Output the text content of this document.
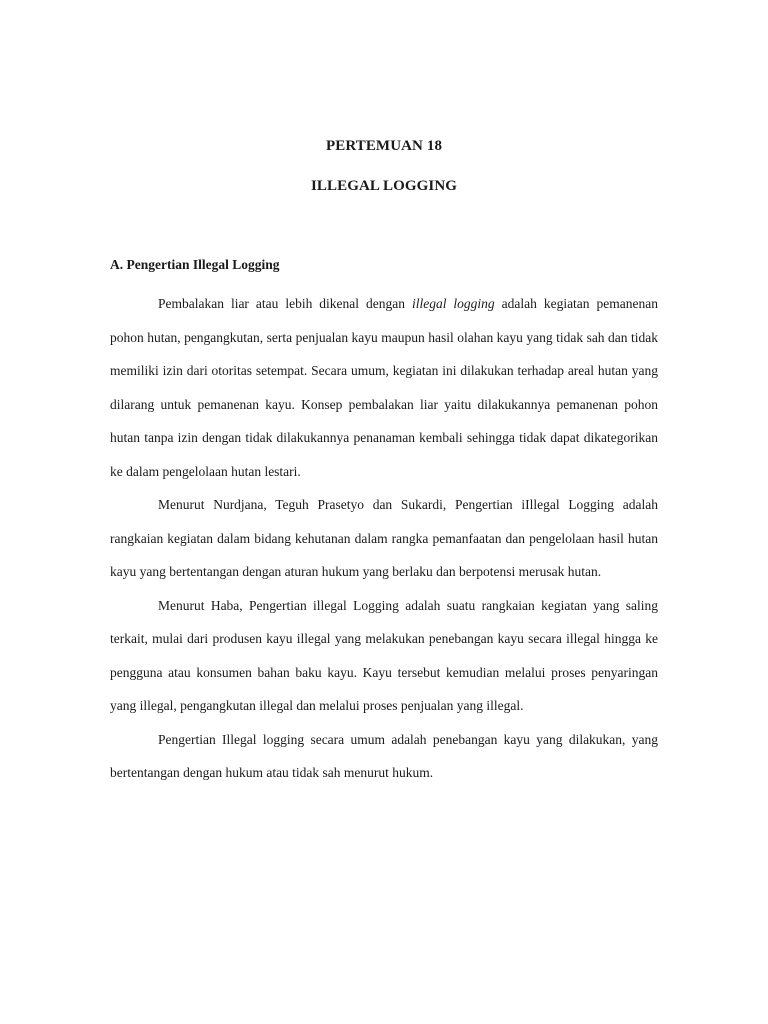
PERTEMUAN 18
ILLEGAL LOGGING

A. Pengertian Illegal Logging

Pembalakan liar atau lebih dikenal dengan illegal logging adalah kegiatan pemanenan pohon hutan, pengangkutan, serta penjualan kayu maupun hasil olahan kayu yang tidak sah dan tidak memiliki izin dari otoritas setempat. Secara umum, kegiatan ini dilakukan terhadap areal hutan yang dilarang untuk pemanenan kayu. Konsep pembalakan liar yaitu dilakukannya pemanenan pohon hutan tanpa izin dengan tidak dilakukannya penanaman kembali sehingga tidak dapat dikategorikan ke dalam pengelolaan hutan lestari.

Menurut Nurdjana, Teguh Prasetyo dan Sukardi, Pengertian iIllegal Logging adalah rangkaian kegiatan dalam bidang kehutanan dalam rangka pemanfaatan dan pengelolaan hasil hutan kayu yang bertentangan dengan aturan hukum yang berlaku dan berpotensi merusak hutan.

Menurut Haba, Pengertian illegal Logging adalah suatu rangkaian kegiatan yang saling terkait, mulai dari produsen kayu illegal yang melakukan penebangan kayu secara illegal hingga ke pengguna atau konsumen bahan baku kayu. Kayu tersebut kemudian melalui proses penyaringan yang illegal, pengangkutan illegal dan melalui proses penjualan yang illegal.

Pengertian Illegal logging secara umum adalah penebangan kayu yang dilakukan, yang bertentangan dengan hukum atau tidak sah menurut hukum.
